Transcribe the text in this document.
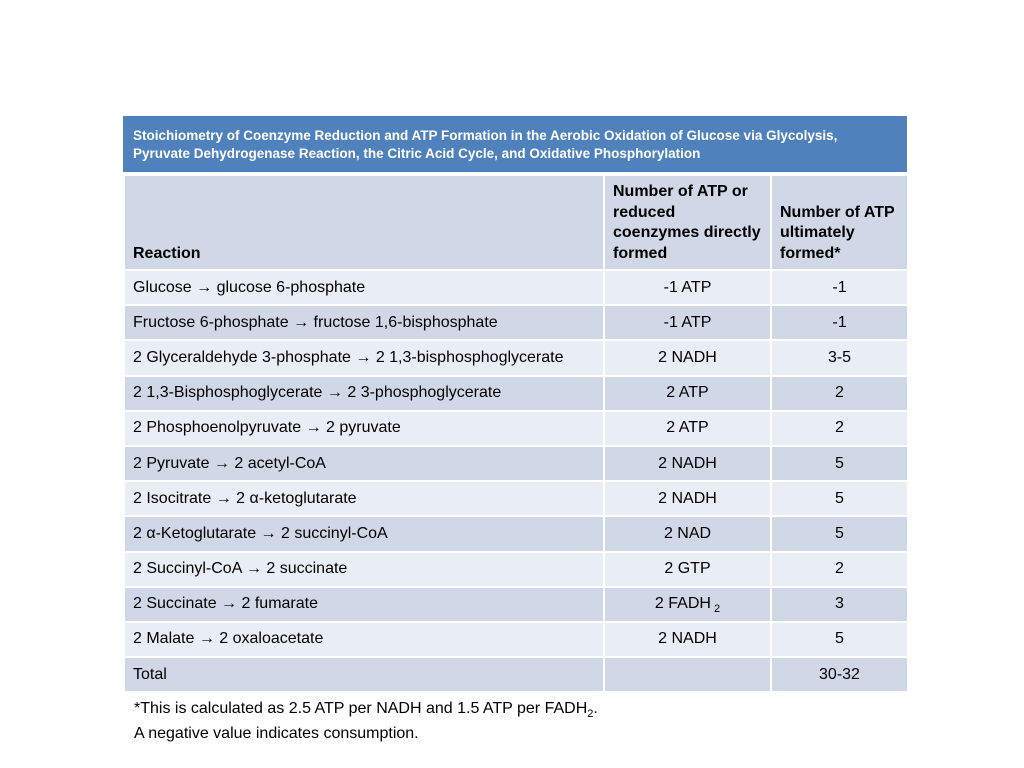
Stoichiometry of Coenzyme Reduction and ATP Formation in the Aerobic Oxidation of Glucose via Glycolysis,
Pyruvate Dehydrogenase Reaction, the Citric Acid Cycle, and Oxidative Phosphorylation
Reaction	Number of ATP or reduced coenzymes directly formed	Number of ATP ultimately formed*
Glucose → glucose 6-phosphate	-1 ATP	-1
Fructose 6-phosphate → fructose 1,6-bisphosphate	-1 ATP	-1
2 Glyceraldehyde 3-phosphate → 2 1,3-bisphosphoglycerate	2 NADH	3-5
2 1,3-Bisphosphoglycerate → 2 3-phosphoglycerate	2 ATP	2
2 Phosphoenolpyruvate → 2 pyruvate	2 ATP	2
2 Pyruvate → 2 acetyl-CoA	2 NADH	5
2 Isocitrate → 2 α-ketoglutarate	2 NADH	5
2 α-Ketoglutarate → 2 succinyl-CoA	2 NAD	5
2 Succinyl-CoA → 2 succinate	2 GTP	2
2 Succinate → 2 fumarate	2 FADH $_2$	3
2 Malate → 2 oxaloacetate	2 NADH	5
Total		30-32
*This is calculated as 2.5 ATP per NADH and 1.5 ATP per $FADH_2$.
A negative value indicates consumption.
